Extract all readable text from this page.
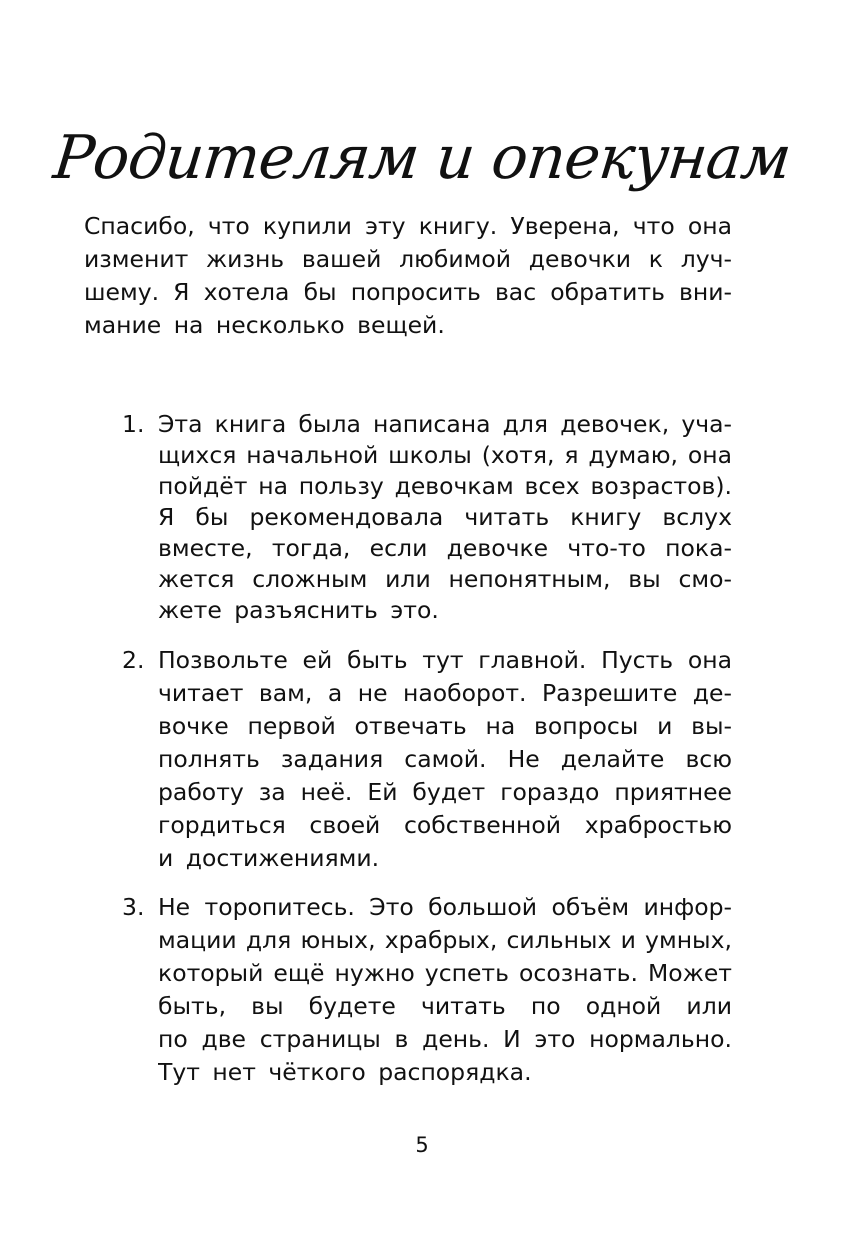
Родителям и опекунам
Спасибо, что купили эту книгу. Уверена, что она
изменит жизнь вашей любимой девочки к луч-
шему. Я хотела бы попросить вас обратить вни-
мание на несколько вещей.
1. Эта книга была написана для девочек, уча-
щихся начальной школы (хотя, я думаю, она
пойдёт на пользу девочкам всех возрастов).
Я бы рекомендовала читать книгу вслух
вместе, тогда, если девочке что-то пока-
жется сложным или непонятным, вы смо-
жете разъяснить это.
2. Позвольте ей быть тут главной. Пусть она
читает вам, а не наоборот. Разрешите де-
вочке первой отвечать на вопросы и вы-
полнять задания самой. Не делайте всю
работу за неё. Ей будет гораздо приятнее
гордиться своей собственной храбростью
и достижениями.
3. Не торопитесь. Это большой объём инфор-
мации для юных, храбрых, сильных и умных,
который ещё нужно успеть осознать. Может
быть, вы будете читать по одной или
по две страницы в день. И это нормально.
Тут нет чёткого распорядка.
5
